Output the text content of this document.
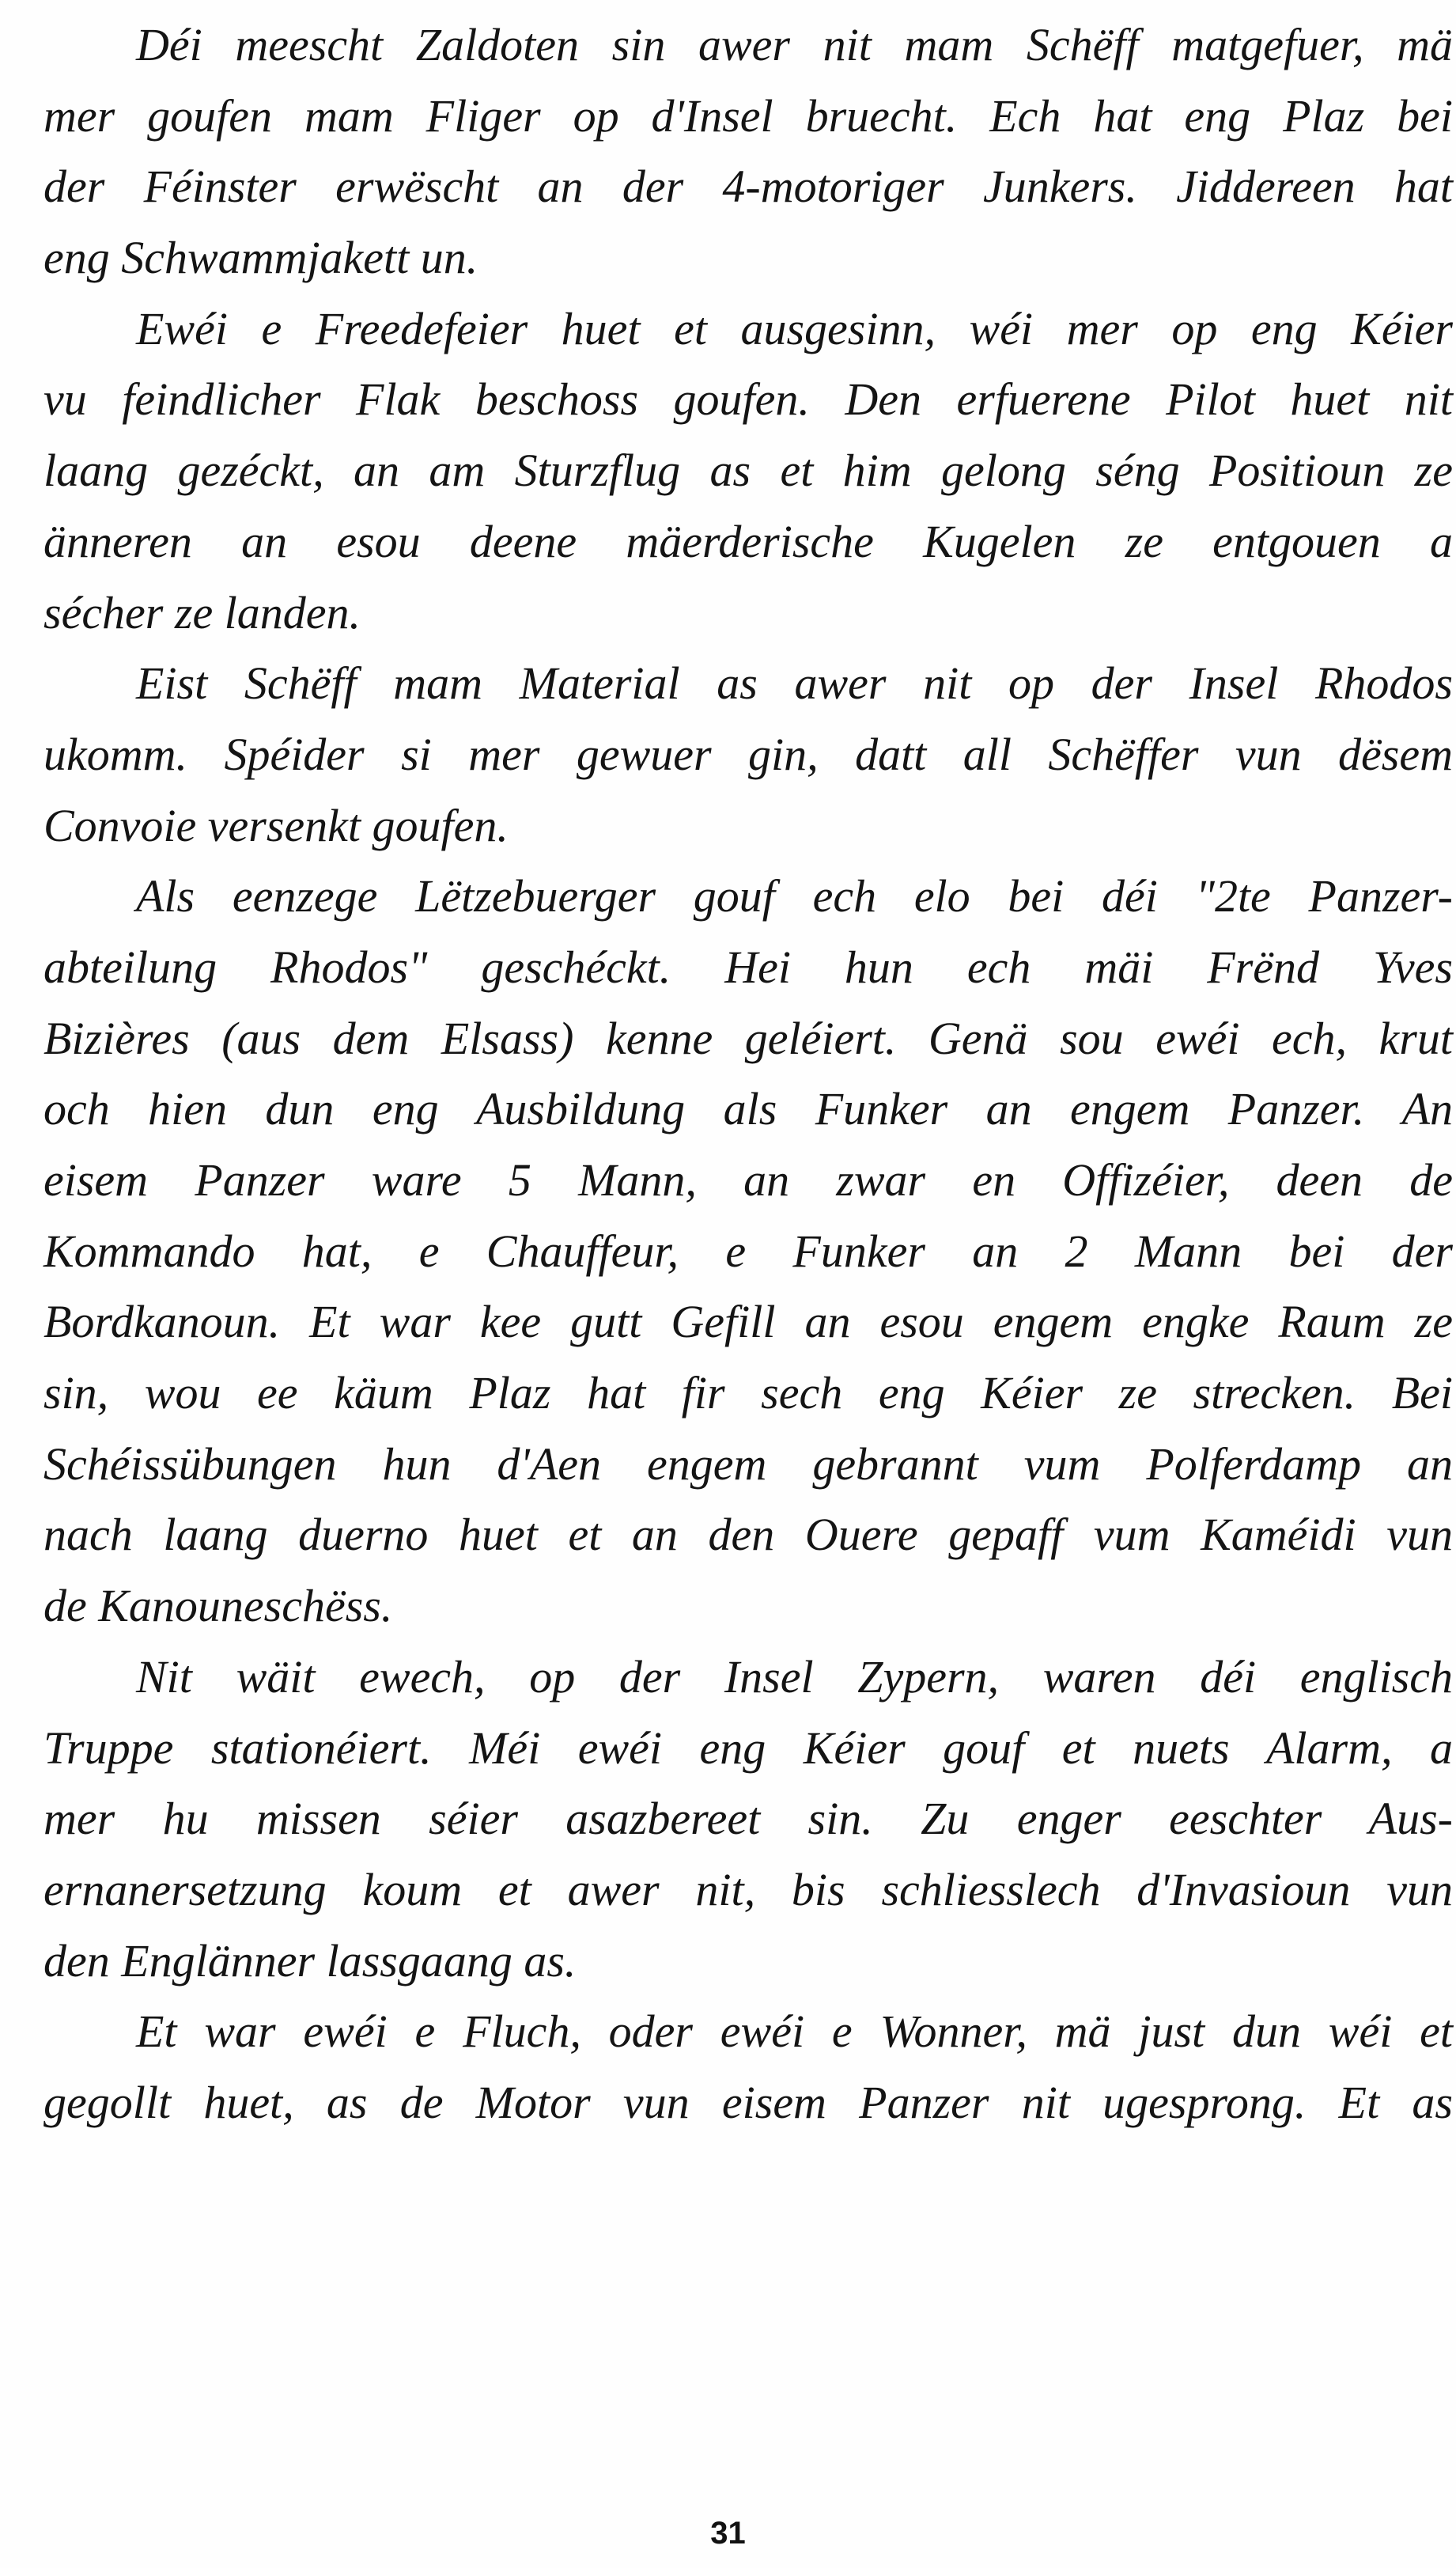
Déi meescht Zaldoten sin awer nit mam Schëff matgefuer, mä
mer goufen mam Fliger op d'Insel bruecht. Ech hat eng Plaz bei
der Féinster erwëscht an der 4-motoriger Junkers. Jiddereen hat
eng Schwammjakett un.
Ewéi e Freedefeier huet et ausgesinn, wéi mer op eng Kéier
vu feindlicher Flak beschoss goufen. Den erfuerene Pilot huet nit
laang gezéckt, an am Sturzflug as et him gelong séng Positioun ze
änneren an esou deene mäerderische Kugelen ze entgouen a
sécher ze landen.
Eist Schëff mam Material as awer nit op der Insel Rhodos
ukomm. Spéider si mer gewuer gin, datt all Schëffer vun dësem
Convoie versenkt goufen.
Als eenzege Lëtzebuerger gouf ech elo bei déi "2te Panzer-
abteilung Rhodos" geschéckt. Hei hun ech mäi Frënd Yves
Bizières (aus dem Elsass) kenne geléiert. Genä sou ewéi ech, krut
och hien dun eng Ausbildung als Funker an engem Panzer. An
eisem Panzer ware 5 Mann, an zwar en Offizéier, deen de
Kommando hat, e Chauffeur, e Funker an 2 Mann bei der
Bordkanoun. Et war kee gutt Gefill an esou engem engke Raum ze
sin, wou ee käum Plaz hat fir sech eng Kéier ze strecken. Bei
Schéissübungen hun d'Aen engem gebrannt vum Polferdamp an
nach laang duerno huet et an den Ouere gepaff vum Kaméidi vun
de Kanouneschëss.
Nit wäit ewech, op der Insel Zypern, waren déi englisch
Truppe stationéiert. Méi ewéi eng Kéier gouf et nuets Alarm, a
mer hu missen séier asazbereet sin. Zu enger eeschter Aus-
ernanersetzung koum et awer nit, bis schliesslech d'Invasioun vun
den Englänner lassgaang as.
Et war ewéi e Fluch, oder ewéi e Wonner, mä just dun wéi et
gegollt huet, as de Motor vun eisem Panzer nit ugesprong. Et as
31
